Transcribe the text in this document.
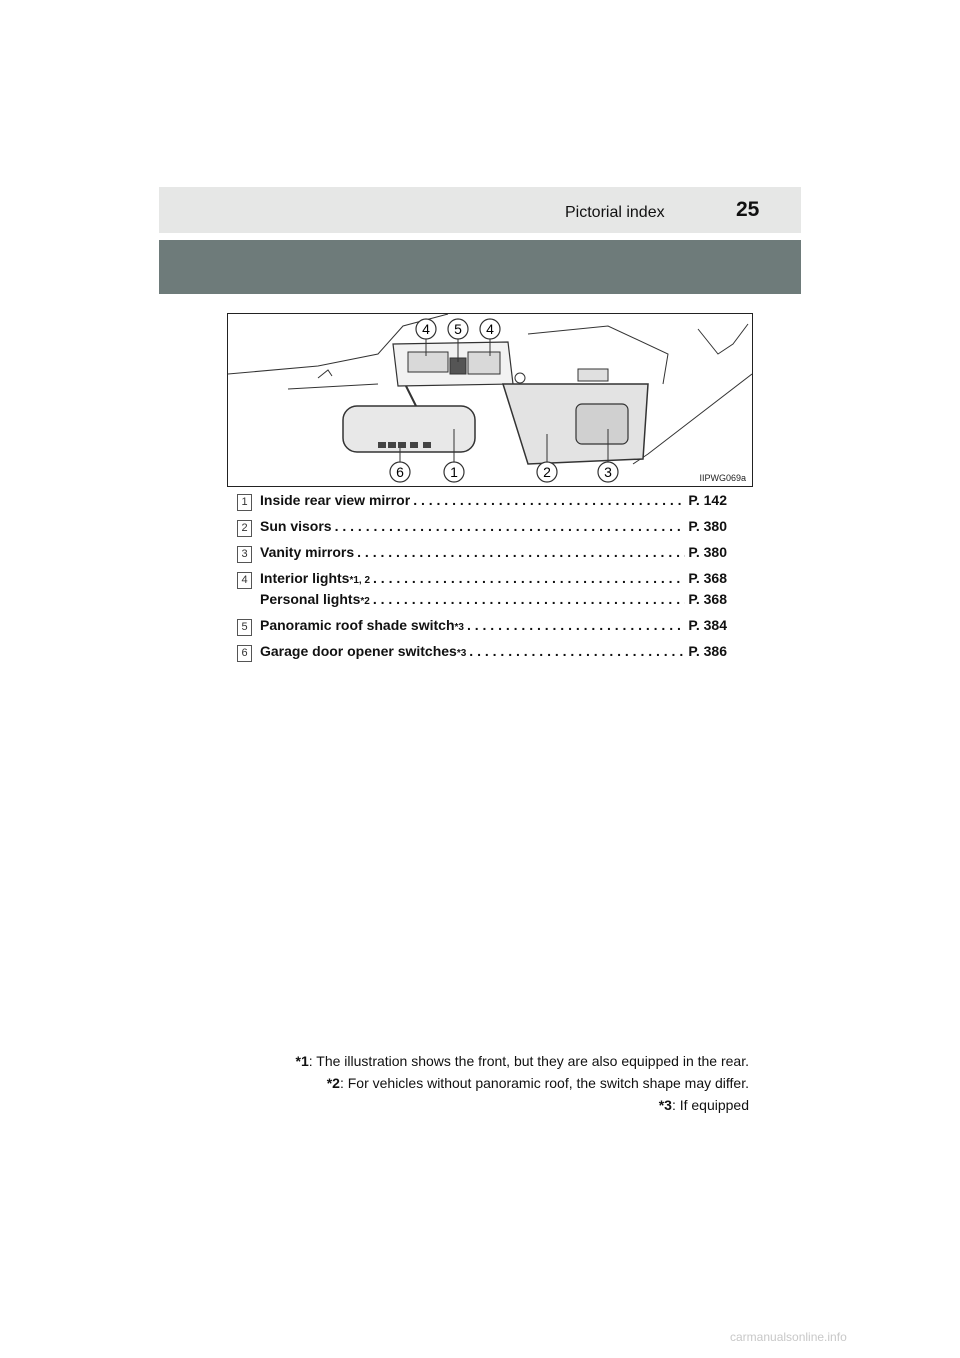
Pictorial index	25
4 5 4
6	1	2	3	IIPWG069a
1 Inside rear view mirror . . .	P. 142
2 Sun visors . . .	P. 380
3 Vanity mirrors . . .	P. 380
4 Interior lights *1, 2 . . .	P. 368
Personal lights *2 . . .	P. 368
5 Panoramic roof shade switch *3 . . .	P. 384
6 Garage door opener switches *3 . . .	P. 386
*1: The illustration shows the front, but they are also equipped in the rear.
*2: For vehicles without panoramic roof, the switch shape may differ.
*3: If equipped
carmanualsonline.info
